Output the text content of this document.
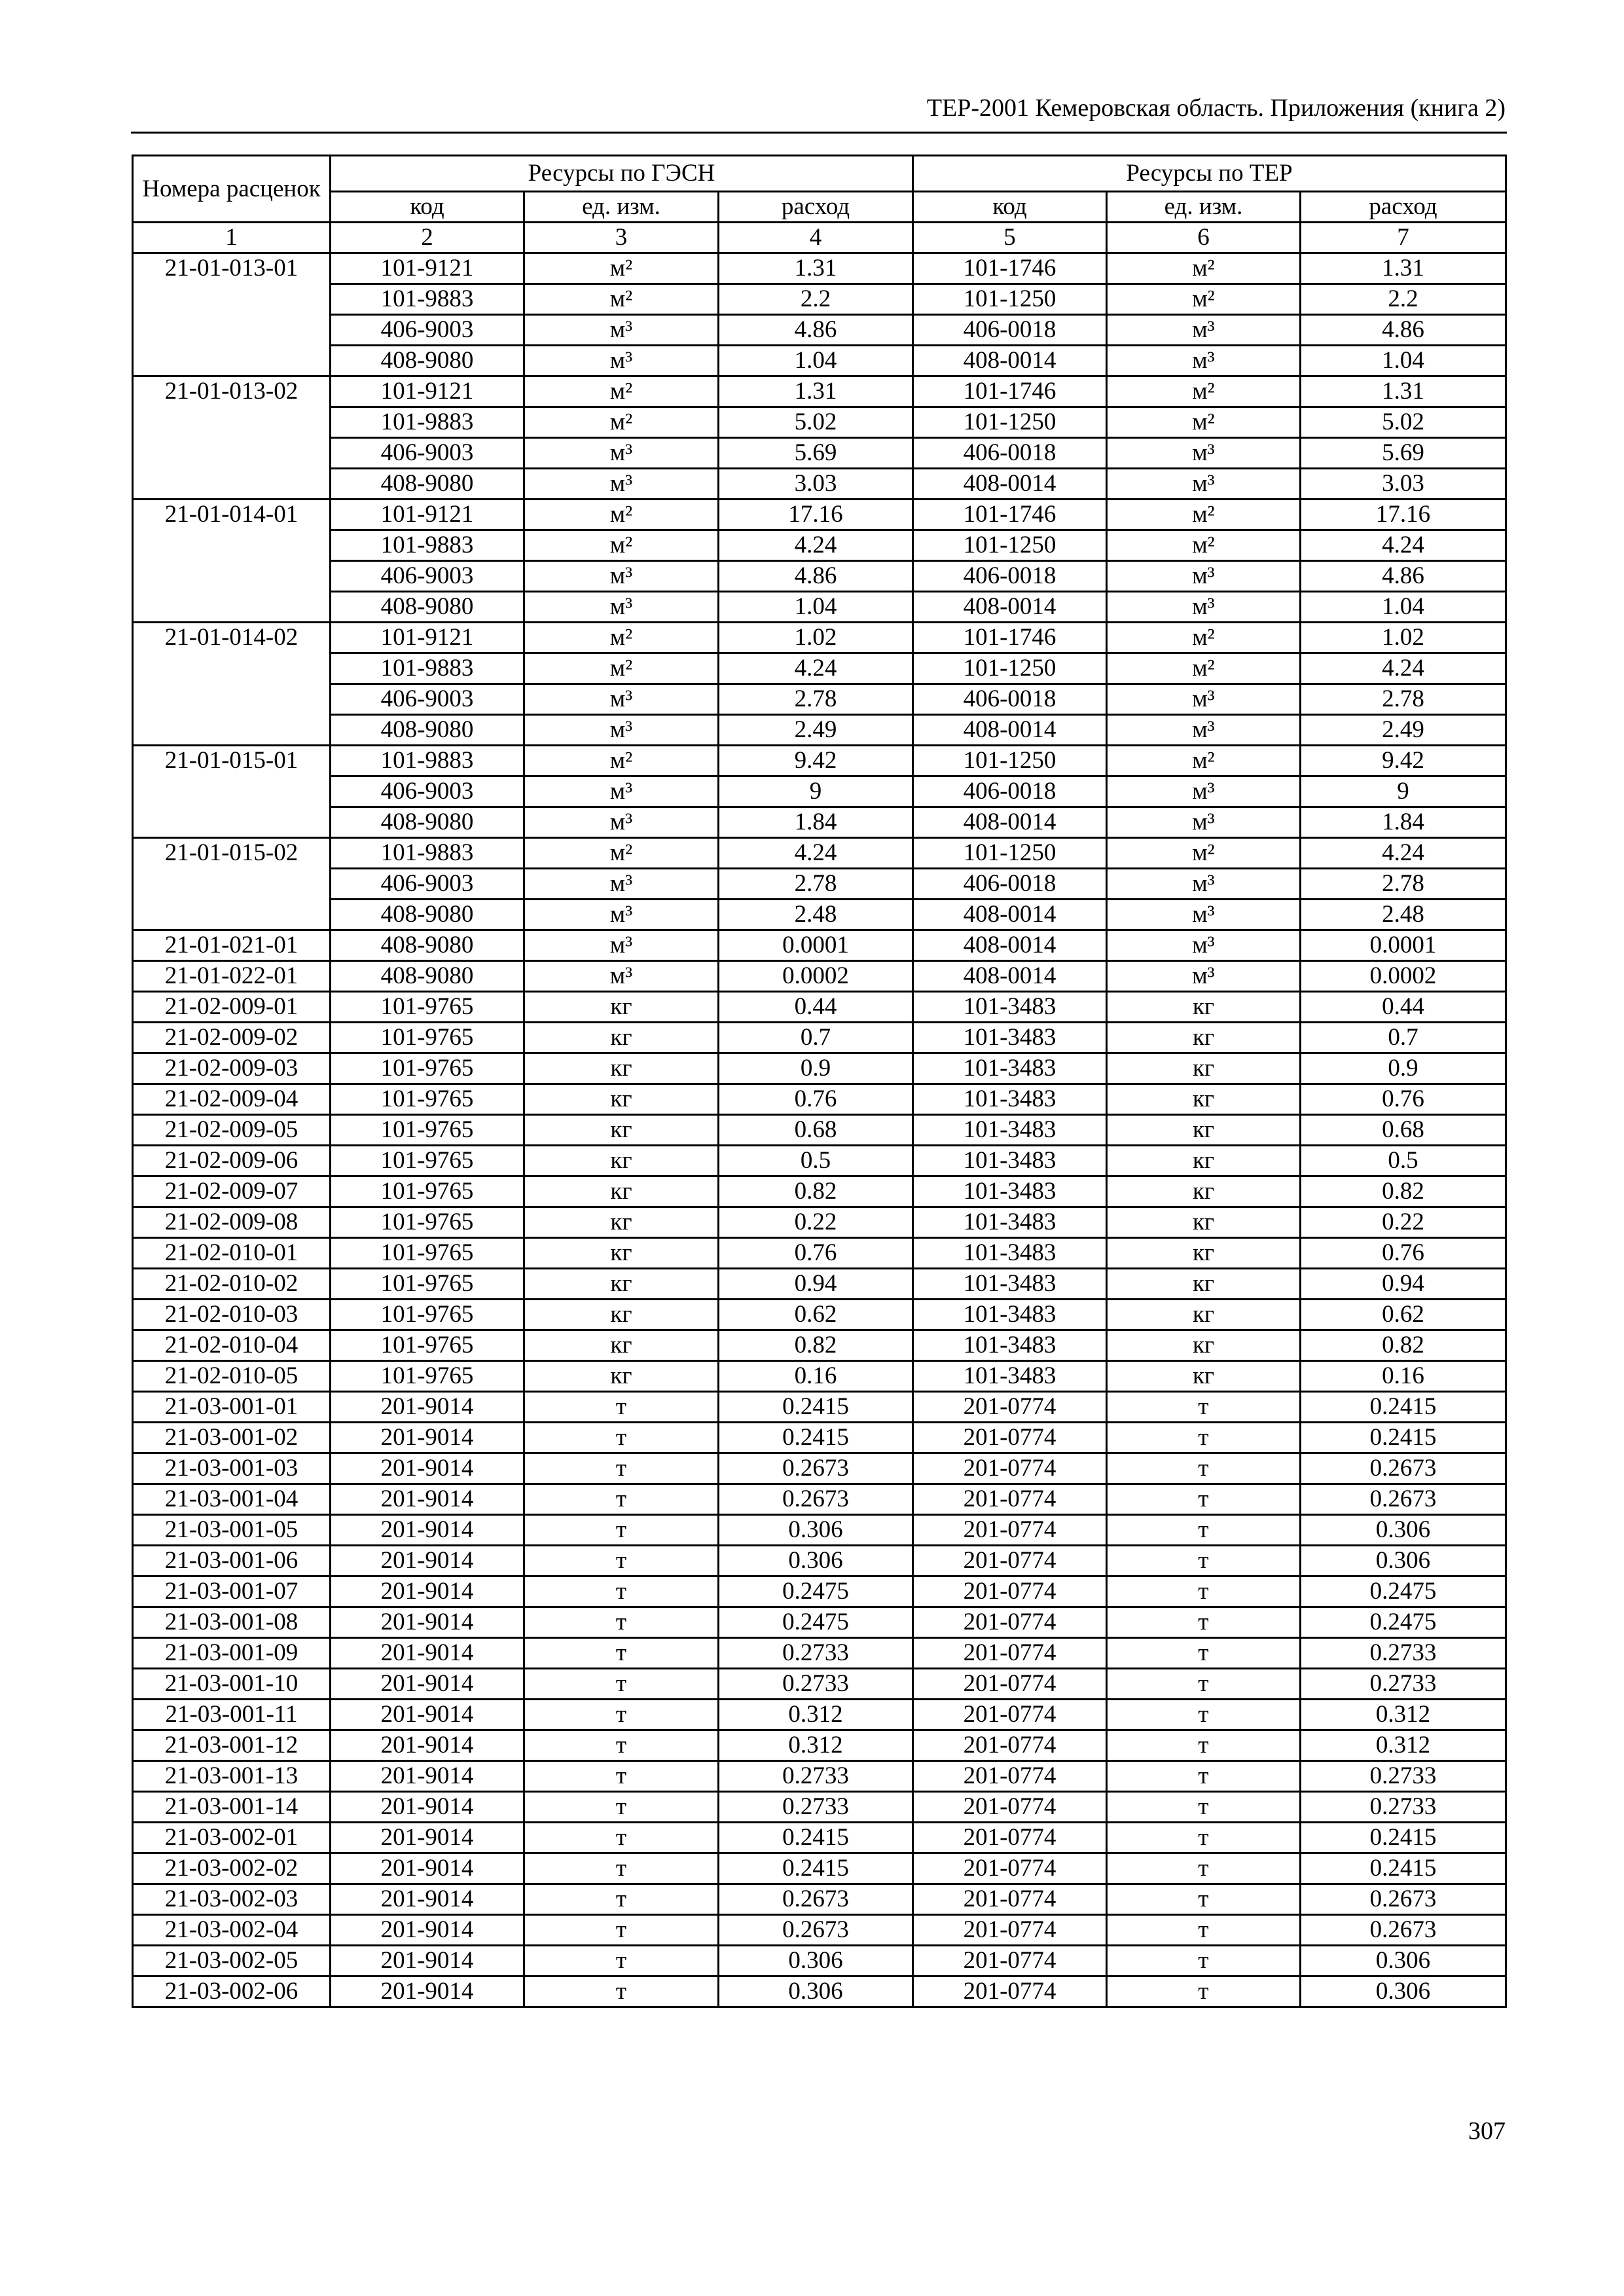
ТЕР-2001 Кемеровская область. Приложения (книга 2)
Номера расценок	Ресурсы по ГЭСН			Ресурсы по ТЕР		
	код	ед. изм.	расход	код	ед. изм.	расход
1	2	3	4	5	6	7
21-01-013-01	101-9121	м²	1.31	101-1746	м²	1.31
	101-9883	м²	2.2	101-1250	м²	2.2
	406-9003	м³	4.86	406-0018	м³	4.86
	408-9080	м³	1.04	408-0014	м³	1.04
21-01-013-02	101-9121	м²	1.31	101-1746	м²	1.31
	101-9883	м²	5.02	101-1250	м²	5.02
	406-9003	м³	5.69	406-0018	м³	5.69
	408-9080	м³	3.03	408-0014	м³	3.03
21-01-014-01	101-9121	м²	17.16	101-1746	м²	17.16
	101-9883	м²	4.24	101-1250	м²	4.24
	406-9003	м³	4.86	406-0018	м³	4.86
	408-9080	м³	1.04	408-0014	м³	1.04
21-01-014-02	101-9121	м²	1.02	101-1746	м²	1.02
	101-9883	м²	4.24	101-1250	м²	4.24
	406-9003	м³	2.78	406-0018	м³	2.78
	408-9080	м³	2.49	408-0014	м³	2.49
21-01-015-01	101-9883	м²	9.42	101-1250	м²	9.42
	406-9003	м³	9	406-0018	м³	9
	408-9080	м³	1.84	408-0014	м³	1.84
21-01-015-02	101-9883	м²	4.24	101-1250	м²	4.24
	406-9003	м³	2.78	406-0018	м³	2.78
	408-9080	м³	2.48	408-0014	м³	2.48
21-01-021-01	408-9080	м³	0.0001	408-0014	м³	0.0001
21-01-022-01	408-9080	м³	0.0002	408-0014	м³	0.0002
21-02-009-01	101-9765	кг	0.44	101-3483	кг	0.44
21-02-009-02	101-9765	кг	0.7	101-3483	кг	0.7
21-02-009-03	101-9765	кг	0.9	101-3483	кг	0.9
21-02-009-04	101-9765	кг	0.76	101-3483	кг	0.76
21-02-009-05	101-9765	кг	0.68	101-3483	кг	0.68
21-02-009-06	101-9765	кг	0.5	101-3483	кг	0.5
21-02-009-07	101-9765	кг	0.82	101-3483	кг	0.82
21-02-009-08	101-9765	кг	0.22	101-3483	кг	0.22
21-02-010-01	101-9765	кг	0.76	101-3483	кг	0.76
21-02-010-02	101-9765	кг	0.94	101-3483	кг	0.94
21-02-010-03	101-9765	кг	0.62	101-3483	кг	0.62
21-02-010-04	101-9765	кг	0.82	101-3483	кг	0.82
21-02-010-05	101-9765	кг	0.16	101-3483	кг	0.16
21-03-001-01	201-9014	т	0.2415	201-0774	т	0.2415
21-03-001-02	201-9014	т	0.2415	201-0774	т	0.2415
21-03-001-03	201-9014	т	0.2673	201-0774	т	0.2673
21-03-001-04	201-9014	т	0.2673	201-0774	т	0.2673
21-03-001-05	201-9014	т	0.306	201-0774	т	0.306
21-03-001-06	201-9014	т	0.306	201-0774	т	0.306
21-03-001-07	201-9014	т	0.2475	201-0774	т	0.2475
21-03-001-08	201-9014	т	0.2475	201-0774	т	0.2475
21-03-001-09	201-9014	т	0.2733	201-0774	т	0.2733
21-03-001-10	201-9014	т	0.2733	201-0774	т	0.2733
21-03-001-11	201-9014	т	0.312	201-0774	т	0.312
21-03-001-12	201-9014	т	0.312	201-0774	т	0.312
21-03-001-13	201-9014	т	0.2733	201-0774	т	0.2733
21-03-001-14	201-9014	т	0.2733	201-0774	т	0.2733
21-03-002-01	201-9014	т	0.2415	201-0774	т	0.2415
21-03-002-02	201-9014	т	0.2415	201-0774	т	0.2415
21-03-002-03	201-9014	т	0.2673	201-0774	т	0.2673
21-03-002-04	201-9014	т	0.2673	201-0774	т	0.2673
21-03-002-05	201-9014	т	0.306	201-0774	т	0.306
21-03-002-06	201-9014	т	0.306	201-0774	т	0.306
307
